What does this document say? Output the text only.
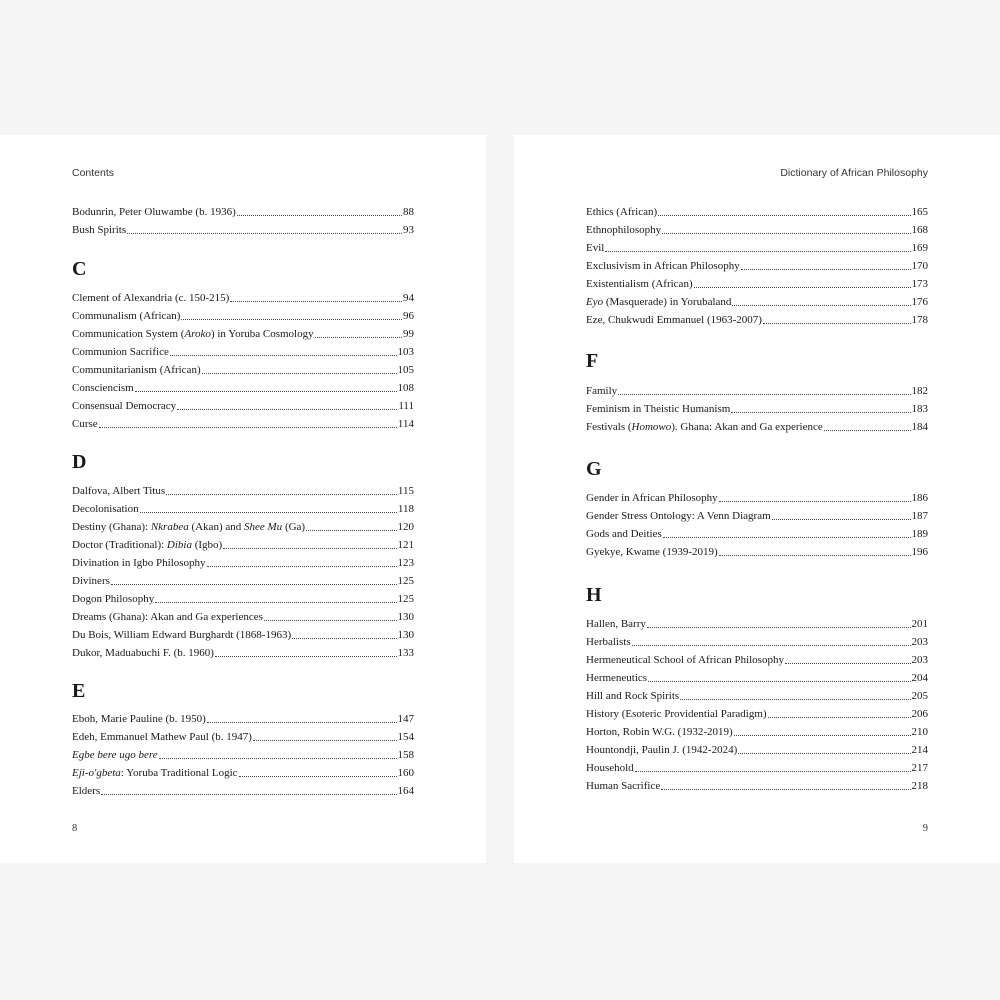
Contents
Bodunrin, Peter Oluwambe (b. 1936)	88
Bush Spirits	93
C
Clement of Alexandria (c. 150-215)	94
Communalism (African)	96
Communication System (Aroko) in Yoruba Cosmology	99
Communion Sacrifice	103
Communitarianism (African)	105
Consciencism	108
Consensual Democracy	111
Curse	114
D
Dalfova, Albert Titus	115
Decolonisation	118
Destiny (Ghana): Nkrabea (Akan) and Shee Mu (Ga)	120
Doctor (Traditional): Dibia (Igbo)	121
Divination in Igbo Philosophy	123
Diviners	125
Dogon Philosophy	125
Dreams (Ghana): Akan and Ga experiences	130
Du Bois, William Edward Burghardt (1868-1963)	130
Dukor, Maduabuchi F. (b. 1960)	133
E
Eboh, Marie Pauline (b. 1950)	147
Edeh, Emmanuel Mathew Paul (b. 1947)	154
Egbe bere ugo bere	158
Eji-o'gbeta: Yoruba Traditional Logic	160
Elders	164
8
Dictionary of African Philosophy
Ethics (African)	165
Ethnophilosophy	168
Evil	169
Exclusivism in African Philosophy	170
Existentialism (African)	173
Eyo (Masquerade) in Yorubaland	176
Eze, Chukwudi Emmanuel (1963-2007)	178
F
Family	182
Feminism in Theistic Humanism	183
Festivals (Homowo). Ghana: Akan and Ga experience	184
G
Gender in African Philosophy	186
Gender Stress Ontology: A Venn Diagram	187
Gods and Deities	189
Gyekye, Kwame (1939-2019)	196
H
Hallen, Barry	201
Herbalists	203
Hermeneutical School of African Philosophy	203
Hermeneutics	204
Hill and Rock Spirits	205
History (Esoteric Providential Paradigm)	206
Horton, Robin W.G. (1932-2019)	210
Hountondji, Paulin J. (1942-2024)	214
Household	217
Human Sacrifice	218
9
